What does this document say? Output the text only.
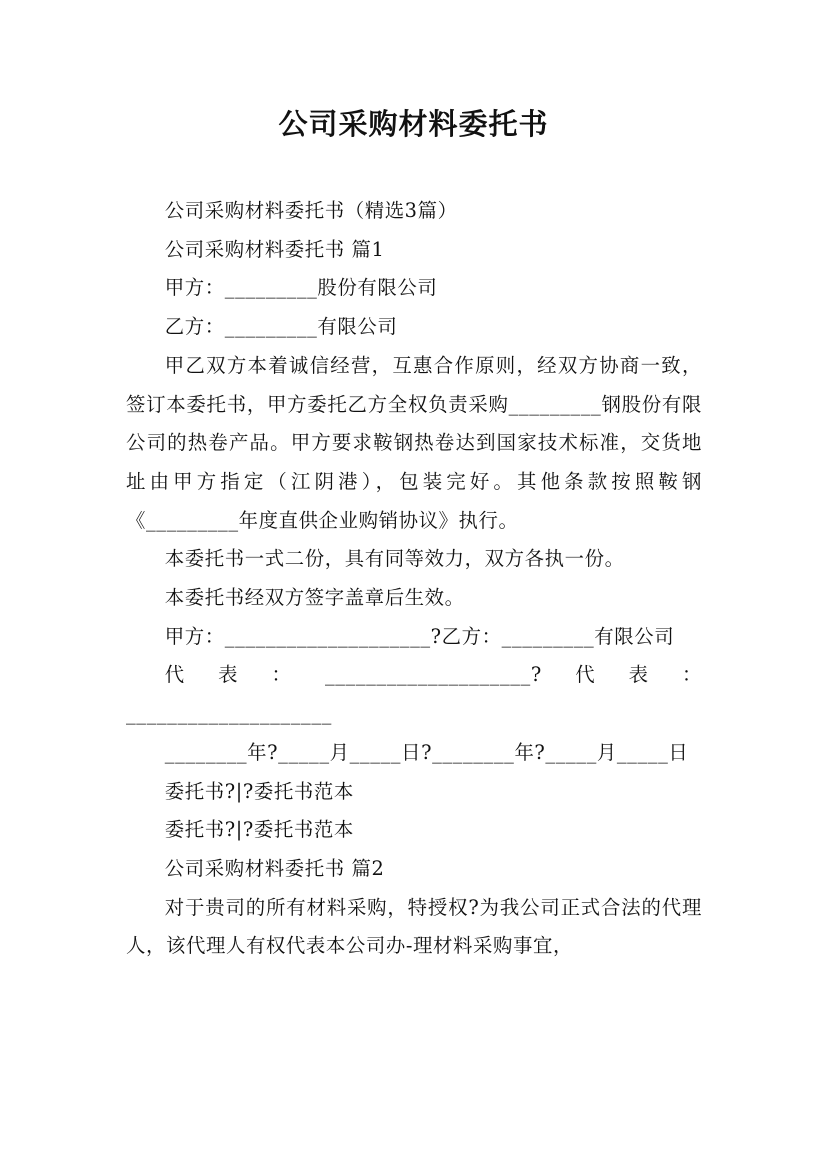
公司采购材料委托书

公司采购材料委托书（精选3篇）

公司采购材料委托书 篇1

甲方：_________股份有限公司

乙方：_________有限公司

甲乙双方本着诚信经营，互惠合作原则，经双方协商一致，签订本委托书，甲方委托乙方全权负责采购_________钢股份有限公司的热卷产品。甲方要求鞍钢热卷达到国家技术标准，交货地址由甲方指定（江阴港），包装完好。其他条款按照鞍钢《_________年度直供企业购销协议》执行。

本委托书一式二份，具有同等效力，双方各执一份。

本委托书经双方签字盖章后生效。

甲方：____________________?乙方：_________有限公司

代表：____________________?代表：____________________

________年?_____月_____日?________年?_____月_____日

委托书?|?委托书范本

委托书?|?委托书范本

公司采购材料委托书 篇2

对于贵司的所有材料采购，特授权?为我公司正式合法的代理人，该代理人有权代表本公司办-理材料采购事宜，
